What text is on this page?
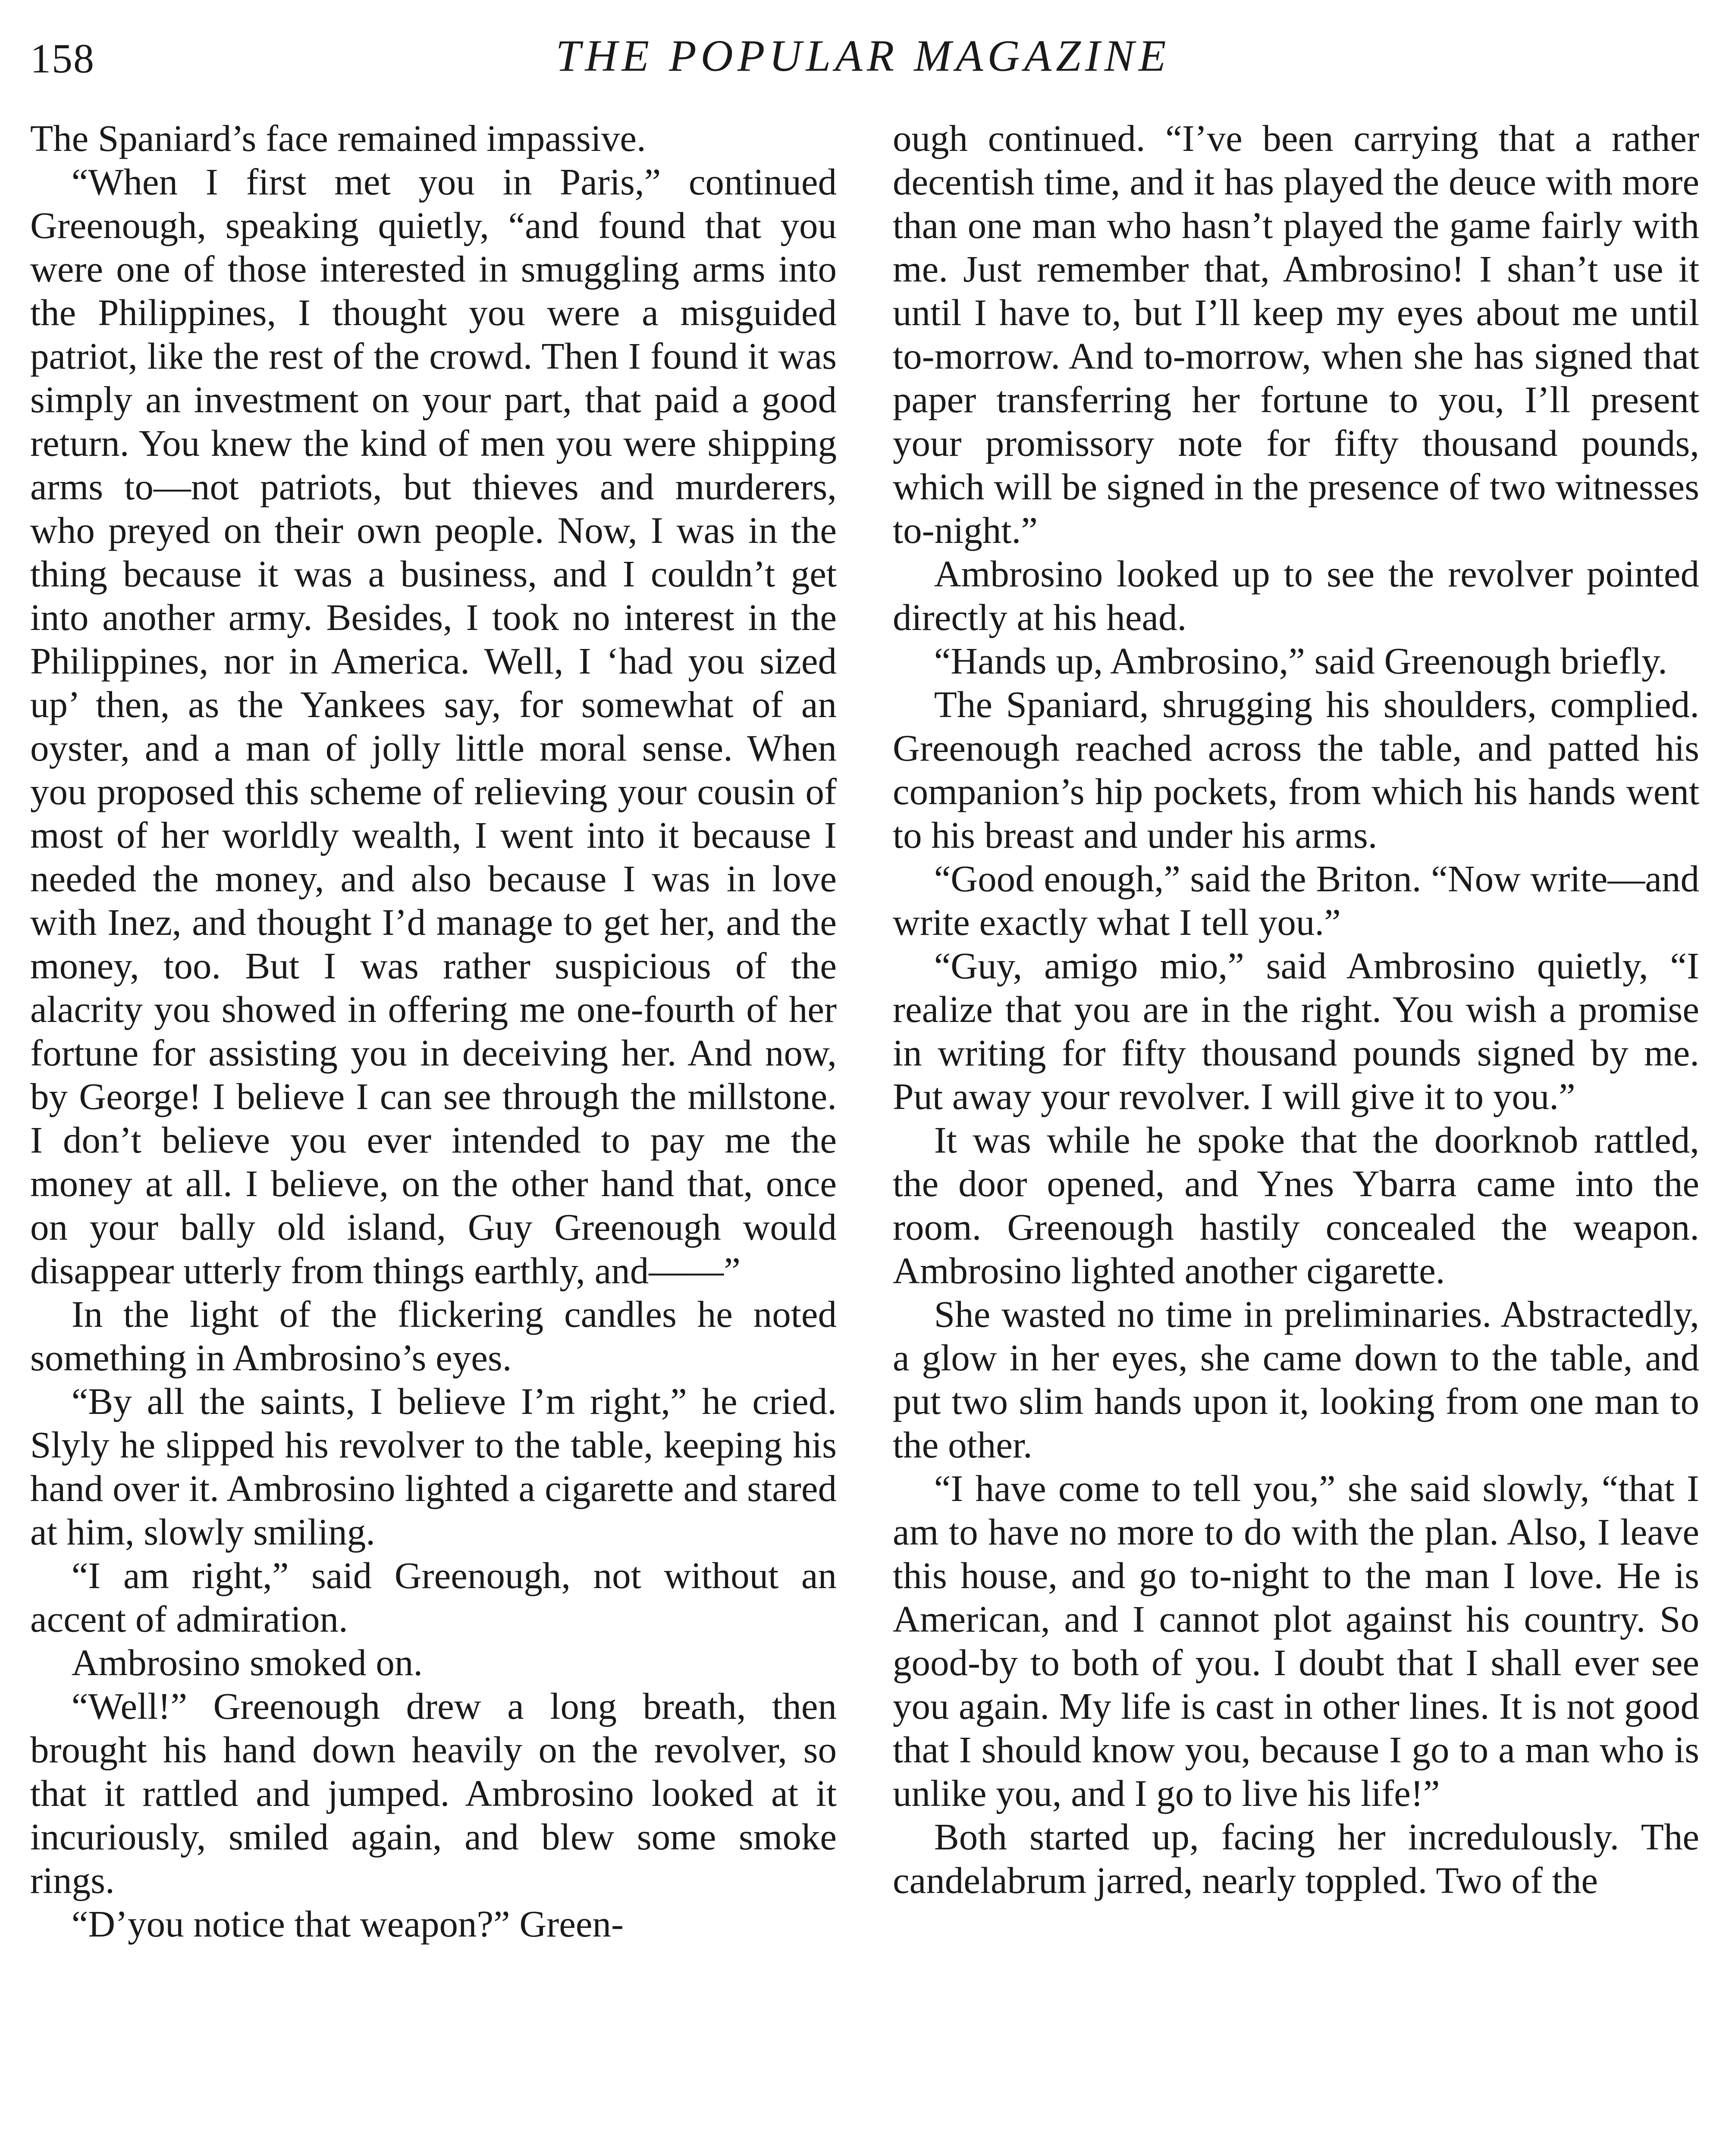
158	THE POPULAR MAGAZINE

The Spaniard’s face remained impassive.

“When I first met you in Paris,” continued Greenough, speaking quietly, “and found that you were one of those interested in smuggling arms into the Philippines, I thought you were a misguided patriot, like the rest of the crowd. Then I found it was simply an investment on your part, that paid a good return. You knew the kind of men you were shipping arms to—not patriots, but thieves and murderers, who preyed on their own people. Now, I was in the thing because it was a business, and I couldn’t get into another army. Besides, I took no interest in the Philippines, nor in America. Well, I ‘had you sized up’ then, as the Yankees say, for somewhat of an oyster, and a man of jolly little moral sense. When you proposed this scheme of relieving your cousin of most of her worldly wealth, I went into it because I needed the money, and also because I was in love with Inez, and thought I’d manage to get her, and the money, too. But I was rather suspicious of the alacrity you showed in offering me one-fourth of her fortune for assisting you in deceiving her. And now, by George! I believe I can see through the millstone. I don’t believe you ever intended to pay me the money at all. I believe, on the other hand that, once on your bally old island, Guy Greenough would disappear utterly from things earthly, and——”

In the light of the flickering candles he noted something in Ambrosino’s eyes.

“By all the saints, I believe I’m right,” he cried. Slyly he slipped his revolver to the table, keeping his hand over it. Ambrosino lighted a cigarette and stared at him, slowly smiling.

“I am right,” said Greenough, not without an accent of admiration.

Ambrosino smoked on.

“Well!” Greenough drew a long breath, then brought his hand down heavily on the revolver, so that it rattled and jumped. Ambrosino looked at it incuriously, smiled again, and blew some smoke rings.

“D’you notice that weapon?” Green-

ough continued. “I’ve been carrying that a rather decentish time, and it has played the deuce with more than one man who hasn’t played the game fairly with me. Just remember that, Ambrosino! I shan’t use it until I have to, but I’ll keep my eyes about me until to-morrow. And to-morrow, when she has signed that paper transferring her fortune to you, I’ll present your promissory note for fifty thousand pounds, which will be signed in the presence of two witnesses to-night.”

Ambrosino looked up to see the revolver pointed directly at his head.

“Hands up, Ambrosino,” said Greenough briefly.

The Spaniard, shrugging his shoulders, complied. Greenough reached across the table, and patted his companion’s hip pockets, from which his hands went to his breast and under his arms.

“Good enough,” said the Briton. “Now write—and write exactly what I tell you.”

“Guy, amigo mio,” said Ambrosino quietly, “I realize that you are in the right. You wish a promise in writing for fifty thousand pounds signed by me. Put away your revolver. I will give it to you.”

It was while he spoke that the doorknob rattled, the door opened, and Ynes Ybarra came into the room. Greenough hastily concealed the weapon. Ambrosino lighted another cigarette.

She wasted no time in preliminaries. Abstractedly, a glow in her eyes, she came down to the table, and put two slim hands upon it, looking from one man to the other.

“I have come to tell you,” she said slowly, “that I am to have no more to do with the plan. Also, I leave this house, and go to-night to the man I love. He is American, and I cannot plot against his country. So good-by to both of you. I doubt that I shall ever see you again. My life is cast in other lines. It is not good that I should know you, because I go to a man who is unlike you, and I go to live his life!”

Both started up, facing her incredulously. The candelabrum jarred, nearly toppled. Two of the
